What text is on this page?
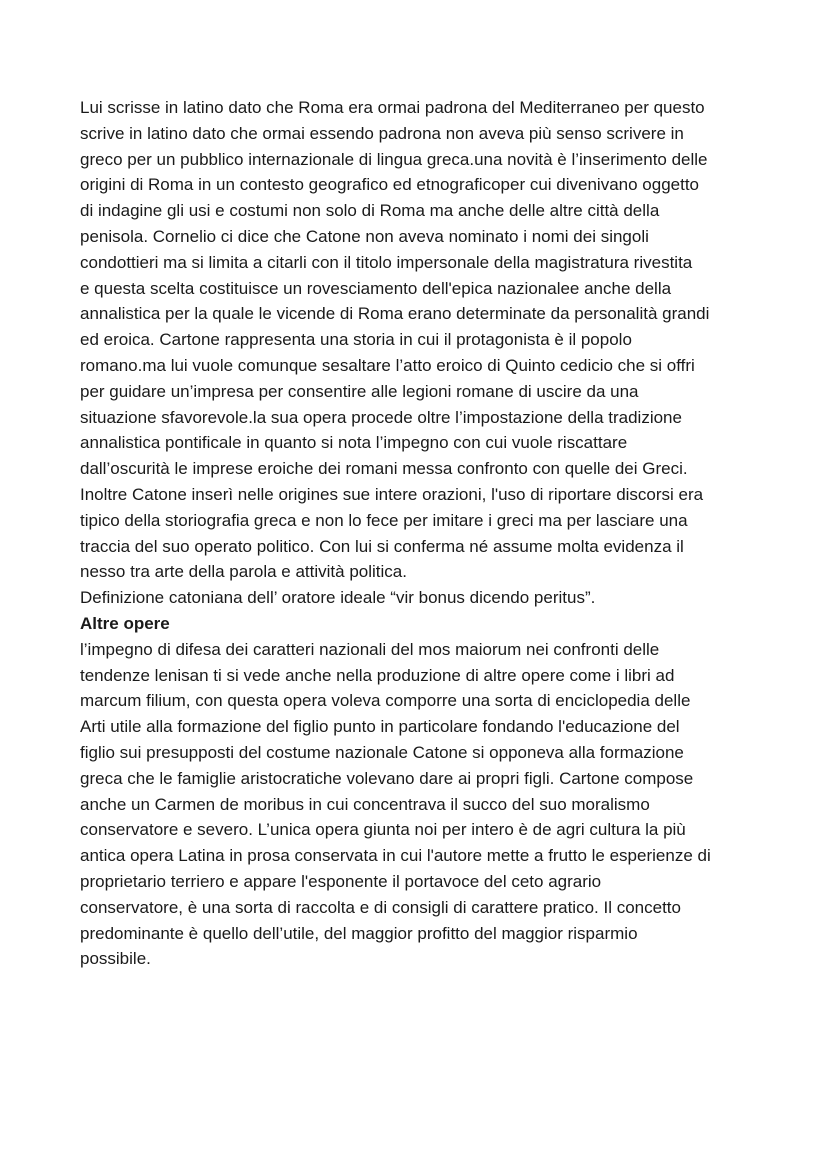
Lui scrisse in latino dato che Roma era ormai padrona del Mediterraneo per questo
scrive in latino dato che ormai essendo padrona non aveva più senso scrivere in
greco per un pubblico internazionale di lingua greca.una novità è l’inserimento delle
origini di Roma in un contesto geografico ed etnograficoper cui divenivano oggetto
di indagine gli usi e costumi non solo di Roma ma anche delle altre città della
penisola. Cornelio ci dice che Catone non aveva nominato i nomi dei singoli
condottieri ma si limita a citarli con il titolo impersonale della magistratura rivestita
e questa scelta costituisce un rovesciamento dell'epica nazionalee anche della
annalistica per la quale le vicende di Roma erano determinate da personalità grandi
ed eroica. Cartone rappresenta una storia in cui il protagonista è il popolo
romano.ma lui vuole comunque sesaltare l’atto eroico di Quinto cedicio che si offri
per guidare un’impresa per consentire alle legioni romane di uscire da una
situazione sfavorevole.la sua opera procede oltre l’impostazione della tradizione
annalistica pontificale in quanto si nota l’impegno con cui vuole riscattare
dall’oscurità le imprese eroiche dei romani messa confronto con quelle dei Greci.
Inoltre Catone inserì nelle origines sue intere orazioni, l'uso di riportare discorsi era
tipico della storiografia greca e non lo fece per imitare i greci ma per lasciare una
traccia del suo operato politico. Con lui si conferma né assume molta evidenza il
nesso tra arte della parola e attività politica.
Definizione catoniana dell’ oratore ideale “vir bonus dicendo peritus”.
Altre opere
l’impegno di difesa dei caratteri nazionali del mos maiorum nei confronti delle
tendenze lenisan ti si vede anche nella produzione di altre opere come i libri ad
marcum filium, con questa opera voleva comporre una sorta di enciclopedia delle
Arti utile alla formazione del figlio punto in particolare fondando l'educazione del
figlio sui presupposti del costume nazionale Catone si opponeva alla formazione
greca che le famiglie aristocratiche volevano dare ai propri figli. Cartone compose
anche un Carmen de moribus in cui concentrava il succo del suo moralismo
conservatore e severo. L’unica opera giunta noi per intero è de agri cultura la più
antica opera Latina in prosa conservata in cui l'autore mette a frutto le esperienze di
proprietario terriero e appare l'esponente il portavoce del ceto agrario
conservatore, è una sorta di raccolta e di consigli di carattere pratico. Il concetto
predominante è quello dell’utile, del maggior profitto del maggior risparmio
possibile.
